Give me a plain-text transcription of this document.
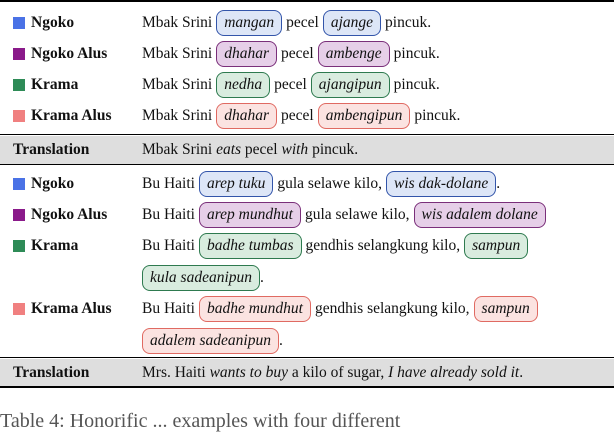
Ngoko	Mbak Srini mangan pecel ajange pincuk.
Ngoko Alus Mbak Srini dhahar pecel ambenge pincuk.
Krama	Mbak Srini nedha pecel ajangipun pincuk.
Krama Alus Mbak Srini dhahar pecel ambengipun pincuk.
Translation	Mbak Srini eats pecel with pincuk.
Ngoko	Bu Haiti arep tuku gula selawe kilo, wis dak-dolane .
Ngoko Alus Bu Haiti arep mundhut gula selawe kilo, wis adalem dolane
Krama	Bu Haiti badhe tumbas gendhis selangkung kilo, sampun
kula sadeanipun .
Krama Alus Bu Haiti badhe mundhut gendhis selangkung kilo, sampun
adalem sadeanipun .
Translation	Mrs. Haiti wants to buy a kilo of sugar, I have already sold it .
Table 4: Honorific ... examples with four different
